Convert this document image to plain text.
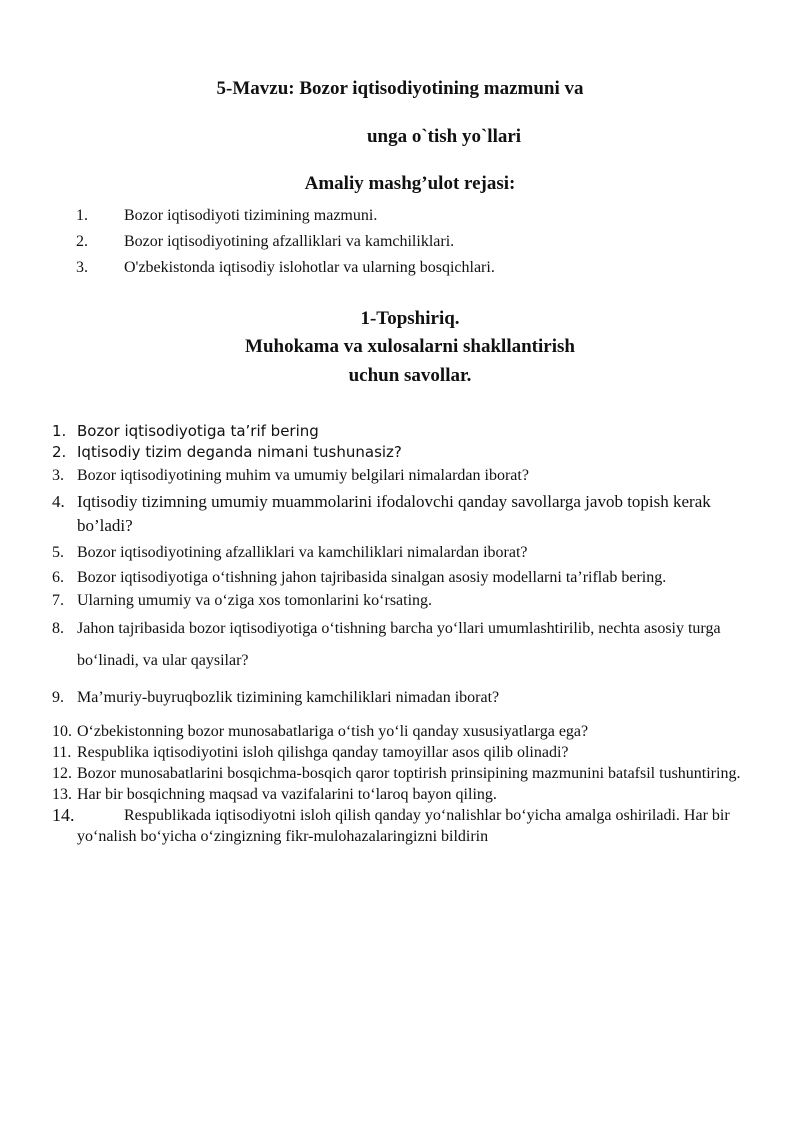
5-Mavzu: Bozor iqtisodiyotining mazmuni va
unga o`tish yo`llari
Amaliy mashg’ulot rejasi:
1. Bozor iqtisodiyoti tizimining mazmuni.
2. Bozor iqtisodiyotining afzalliklari va kamchiliklari.
3. O'zbekistonda iqtisodiy islohotlar va ularning bosqichlari.
1-Topshiriq.
Muhokama va xulosalarni shakllantirish
uchun savollar.
1. Bozor iqtisodiyotiga ta’rif bering
2. Iqtisodiy tizim deganda nimani tushunasiz?
3. Bozor iqtisodiyotining muhim va umumiy belgilari nimalardan iborat?
4. Iqtisodiy tizimning umumiy muammolarini ifodalovchi qanday savollarga javob topish kerak bo’ladi?
5. Bozor iqtisodiyotining afzalliklari va kamchiliklari nimalardan iborat?
6. Bozor iqtisodiyotiga oʻtishning jahon tajribasida sinalgan asosiy modellarni ta’riflab bering.
7. Ularning umumiy va oʻziga xos tomonlarini koʻrsating.
8. Jahon tajribasida bozor iqtisodiyotiga oʻtishning barcha yoʻllari umumlashtirilib, nechta asosiy turga boʻlinadi, va ular qaysilar?
9. Ma’muriy-buyruqbozlik tizimining kamchiliklari nimadan iborat?
10. Oʻzbekistonning bozor munosabatlariga oʻtish yoʻli qanday xususiyatlarga ega?
11. Respublika iqtisodiyotini isloh qilishga qanday tamoyillar asos qilib olinadi?
12. Bozor munosabatlarini bosqichma-bosqich qaror toptirish prinsipining mazmunini batafsil tushuntiring.
13. Har bir bosqichning maqsad va vazifalarini toʻlaroq bayon qiling.
14.	Respublikada iqtisodiyotni isloh qilish qanday yoʻnalishlar boʻyicha amalga oshiriladi. Har bir yoʻnalish boʻyicha oʻzingizning fikr-mulohazalaringizni bildirin
